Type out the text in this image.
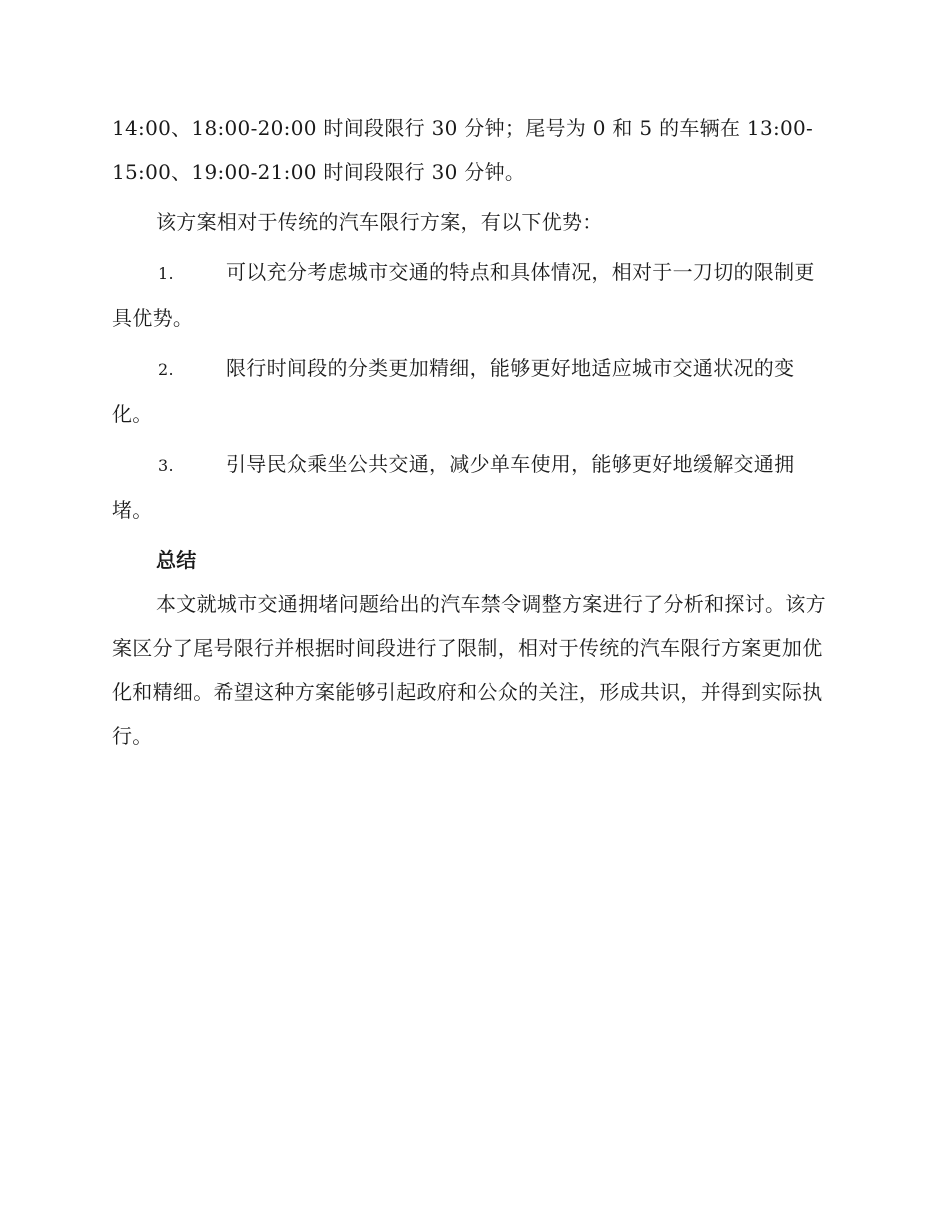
14:00、18:00-20:00 时间段限行 30 分钟；尾号为 0 和 5 的车辆在 13:00-15:00、19:00-21:00 时间段限行 30 分钟。

该方案相对于传统的汽车限行方案，有以下优势：

1.	可以充分考虑城市交通的特点和具体情况，相对于一刀切的限制更具优势。

2.	限行时间段的分类更加精细，能够更好地适应城市交通状况的变化。

3.	引导民众乘坐公共交通，减少单车使用，能够更好地缓解交通拥堵。

总结

本文就城市交通拥堵问题给出的汽车禁令调整方案进行了分析和探讨。该方案区分了尾号限行并根据时间段进行了限制，相对于传统的汽车限行方案更加优化和精细。希望这种方案能够引起政府和公众的关注，形成共识，并得到实际执行。
